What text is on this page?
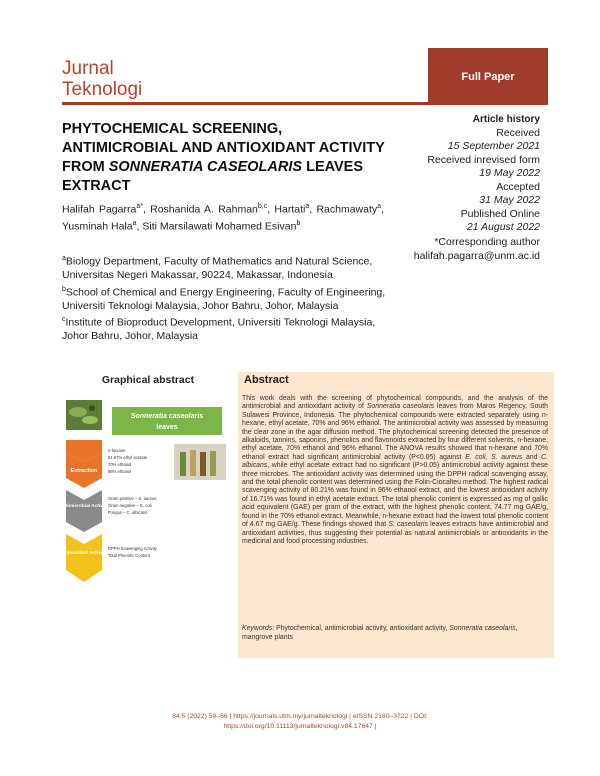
Jurnal
Teknologi
Full Paper
PHYTOCHEMICAL SCREENING, ANTIMICROBIAL AND ANTIOXIDANT ACTIVITY FROM SONNERATIA CASEOLARIS LEAVES EXTRACT
Halifah Pagarra$^{a*}$, Roshanida A. Rahman$^{b,c}$, Hartati$^a$, Rachmawaty$^a$, Yusminah Hala$^a$, Siti Marsilawati Mohamed Esivan$^b$

$^a$Biology Department, Faculty of Mathematics and Natural Science, Universitas Negeri Makassar, 90224, Makassar, Indonesia

$^b$School of Chemical and Energy Engineering, Faculty of Engineering, Universiti Teknologi Malaysia, Johor Bahru, Johor, Malaysia

$^c$Institute of Bioproduct Development, Universiti Teknologi Malaysia, Johor Bahru, Johor, Malaysia

Article history
Received
15 September 2021
Received inrevised form
19 May 2022
Accepted
31 May 2022
Published Online
21 August 2022
*Corresponding author
halifah.pagarra@unm.ac.id
Graphical abstract
Sonneratia caseolaris
leaves
Extraction
n-hexane
91.67% ethyl acetate
70% ethanol
96% ethanol
Antimicrobial Activity
Gram positive – S. aureus
Gram negative – E. coli
Fungus – C. albicans
Antioxidant Activity
DPPH Scavenging Activity
Total Phenolic Content
Abstract
This work deals with the screening of phytochemical compounds, and the analysis of the antimicrobial and antioxidant activity of Sonneratia caseolaris leaves from Maros Regency, South Sulawesi Province, Indonesia. The phytochemical compounds were extracted separately using n-hexane, ethyl acetate, 70% and 96% ethanol. The antimicrobial activity was assessed by measuring the clear zone in the agar diffusion method. The phytochemical screening detected the presence of alkaloids, tannins, saponins, phenolics and flavonoids extracted by four different solvents, n-hexane, ethyl acetate, 70% ethanol and 96% ethanol. The ANOVA results showed that n-hexane and 70% ethanol extract had significant antimicrobial activity (P<0.05) against E. coli, S. aureus and C. albicans, while ethyl acetate extract had no significant (P>0.05) antimicrobial activity against these three microbes. The antioxidant activity was determined using the DPPH radical scavenging assay, and the total phenolic content was determined using the Folin-Ciocalteu method. The highest radical scavenging activity of 80.21% was found in 96% ethanol extract, and the lowest antioxidant activity of 16.71% was found in ethyl acetate extract. The total phenolic content is expressed as mg of gallic acid equivalent (GAE) per gram of the extract, with the highest phenolic content, 74.77 mg GAE/g, found in the 70% ethanol extract. Meanwhile, n-hexane extract had the lowest total phenolic content of 4.67 mg GAE/g. These findings showed that S. caseolaris leaves extracts have antimicrobial and antioxidant activities, thus suggesting their potential as natural antimicrobials or antioxidants in the medicinal and food processing industries.
Keywords: Phytochemical, antimicrobial activity, antioxidant activity, Sonneratia caseolaris, mangrove plants
84:5 (2022) 59–66 | https://journals.utm.my/jurnalteknologi | eISSN 2180–3722 | DOI:
https://doi.org/10.11113/jurnalteknologi.v84.17647 |
